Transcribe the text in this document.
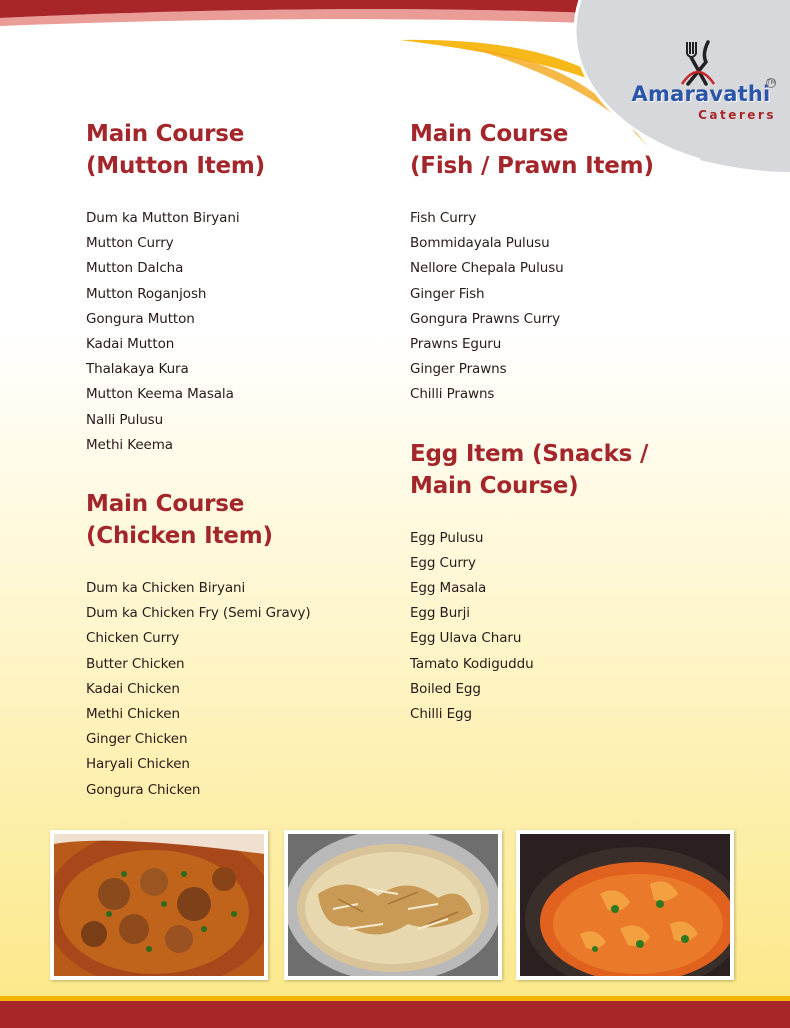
Amaravathi
TM
Caterers
Main Course
(Mutton Item)
Dum ka Mutton Biryani
Mutton Curry
Mutton Dalcha
Mutton Roganjosh
Gongura Mutton
Kadai Mutton
Thalakaya Kura
Mutton Keema Masala
Nalli Pulusu
Methi Keema
Main Course
(Chicken Item)
Dum ka Chicken Biryani
Dum ka Chicken Fry (Semi Gravy)
Chicken Curry
Butter Chicken
Kadai Chicken
Methi Chicken
Ginger Chicken
Haryali Chicken
Gongura Chicken
Main Course
(Fish / Prawn Item)
Fish Curry
Bommidayala Pulusu
Nellore Chepala Pulusu
Ginger Fish
Gongura Prawns Curry
Prawns Eguru
Ginger Prawns
Chilli Prawns
Egg Item (Snacks /
Main Course)
Egg Pulusu
Egg Curry
Egg Masala
Egg Burji
Egg Ulava Charu
Tamato Kodiguddu
Boiled Egg
Chilli Egg
